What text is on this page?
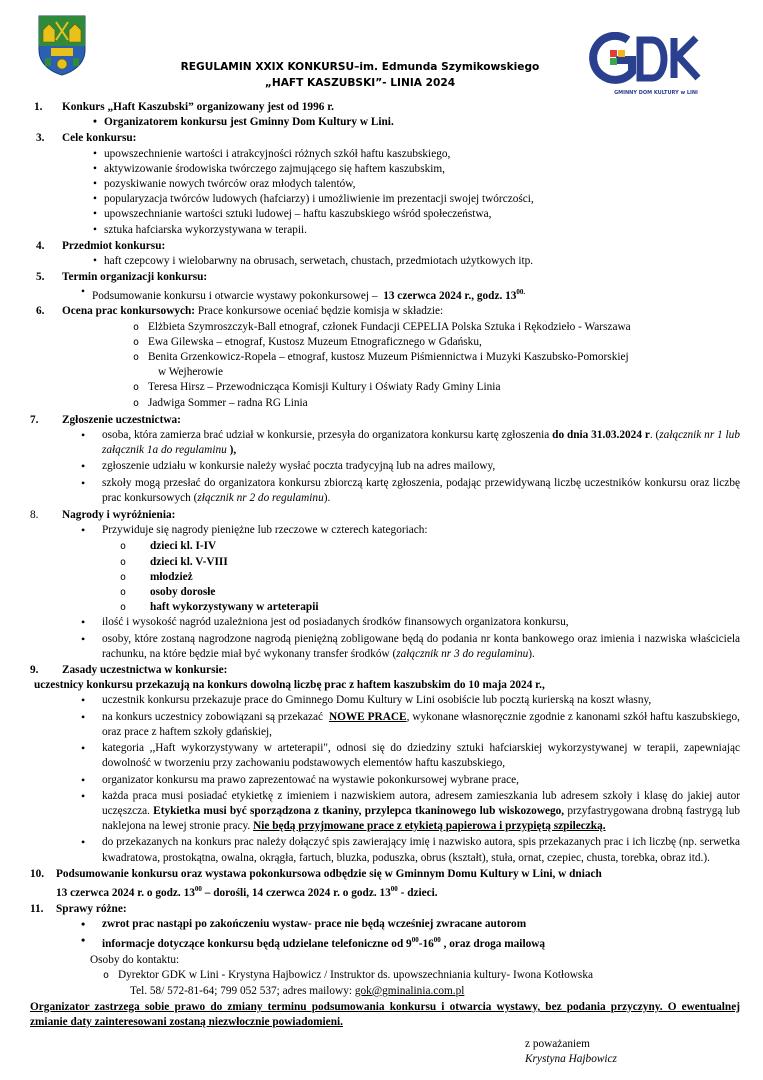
GMINNY DOM KULTURY w LINI
REGULAMIN XXIX KONKURSU–im. Edmunda Szymikowskiego
„HAFT KASZUBSKI”- LINIA 2024
1.	Konkurs „Haft Kaszubski” organizowany jest od 1996 r.
• Organizatorem konkursu jest Gminny Dom Kultury w Lini.
3.	Cele konkursu:
• upowszechnienie wartości i atrakcyjności różnych szkół haftu kaszubskiego,
• aktywizowanie środowiska twórczego zajmującego się haftem kaszubskim,
• pozyskiwanie nowych twórców oraz młodych talentów,
• popularyzacja twórców ludowych (hafciarzy) i umożliwienie im prezentacji swojej twórczości,
• upowszechnianie wartości sztuki ludowej – haftu kaszubskiego wśród społeczeństwa,
• sztuka hafciarska wykorzystywana w terapii.
4.	Przedmiot konkursu:
• haft czepcowy i wielobarwny na obrusach, serwetach, chustach, przedmiotach użytkowych itp.
5.	Termin organizacji konkursu:
• Podsumowanie konkursu i otwarcie wystawy pokonkursowej – 13 czerwca 2024 r., godz. $13^{00.}$
6.	Ocena prac konkursowych: Prace konkursowe oceniać będzie komisja w składzie:
o Elżbieta Szymroszczyk-Ball etnograf, członek Fundacji CEPELIA Polska Sztuka i Rękodzieło - Warszawa
o Ewa Gilewska – etnograf, Kustosz Muzeum Etnograficznego w Gdańsku,
o Benita Grzenkowicz-Ropela – etnograf, kustosz Muzeum Piśmiennictwa i Muzyki Kaszubsko-Pomorskiej
w Wejherowie
o Teresa Hirsz – Przewodnicząca Komisji Kultury i Oświaty Rady Gminy Linia
o Jadwiga Sommer – radna RG Linia
7.	Zgłoszenie uczestnictwa:
• osoba, która zamierza brać udział w konkursie, przesyła do organizatora konkursu kartę zgłoszenia do dnia 31.03.2024 r. (załącznik nr 1 lub załącznik 1a do regulaminu ),
• zgłoszenie udziału w konkursie należy wysłać poczta tradycyjną lub na adres mailowy,
• szkoły mogą przesłać do organizatora konkursu zbiorczą kartę zgłoszenia, podając przewidywaną liczbę uczestników konkursu oraz liczbę prac konkursowych (złącznik nr 2 do regulaminu).
8.	Nagrody i wyróżnienia:
• Przywiduje się nagrody pieniężne lub rzeczowe w czterech kategoriach:
o dzieci kl. I-IV
o dzieci kl. V-VIII
o młodzież
o osoby dorosłe
o haft wykorzystywany w arteterapii
• ilość i wysokość nagród uzależniona jest od posiadanych środków finansowych organizatora konkursu,
• osoby, które zostaną nagrodzone nagrodą pieniężną zobligowane będą do podania nr konta bankowego oraz imienia i nazwiska właściciela rachunku, na które będzie miał być wykonany transfer środków (załącznik nr 3 do regulaminu).
9.	Zasady uczestnictwa w konkursie:
uczestnicy konkursu przekazują na konkurs dowolną liczbę prac z haftem kaszubskim do 10 maja 2024 r.,
• uczestnik konkursu przekazuje prace do Gminnego Domu Kultury w Lini osobiście lub pocztą kurierską na koszt własny,
• na konkurs uczestnicy zobowiązani są przekazać NOWE PRACE, wykonane własnoręcznie zgodnie z kanonami szkół haftu kaszubskiego, oraz prace z haftem szkoły gdańskiej,
• kategoria ,,Haft wykorzystywany w arteterapii", odnosi się do dziedziny sztuki hafciarskiej wykorzystywanej w terapii, zapewniając dowolność w tworzeniu przy zachowaniu podstawowych elementów haftu kaszubskiego,
• organizator konkursu ma prawo zaprezentować na wystawie pokonkursowej wybrane prace,
• każda praca musi posiadać etykietkę z imieniem i nazwiskiem autora, adresem zamieszkania lub adresem szkoły i klasę do jakiej autor uczęszcza. Etykietka musi być sporządzona z tkaniny, przylepca tkaninowego lub wiskozowego, przyfastrygowana drobną fastrygą lub naklejona na lewej stronie pracy. Nie będą przyjmowane prace z etykietą papierowa i przypiętą szpileczką.
• do przekazanych na konkurs prac należy dołączyć spis zawierający imię i nazwisko autora, spis przekazanych prac i ich liczbę (np. serwetka kwadratowa, prostokątna, owalna, okrągła, fartuch, bluzka, poduszka, obrus (kształt), stuła, ornat, czepiec, chusta, torebka, obraz itd.).
10.	Podsumowanie konkursu oraz wystawa pokonkursowa odbędzie się w Gminnym Domu Kultury w Lini, w dniach
13 czerwca 2024 r. o godz. $13^{00}$ – dorośli, 14 czerwca 2024 r. o godz. $13^{00}$ - dzieci.
11.	Sprawy różne:
• zwrot prac nastąpi po zakończeniu wystaw- prace nie będą wcześniej zwracane autorom
• informacje dotyczące konkursu będą udzielane telefoniczne od $9^{00}-16^{00}$ , oraz droga mailową
Osoby do kontaktu:
o Dyrektor GDK w Lini - Krystyna Hajbowicz / Instruktor ds. upowszechniania kultury- Iwona Kotłowska
Tel. 58/ 572-81-64; 799 052 537; adres mailowy: gok@gminalinia.com.pl
Organizator zastrzega sobie prawo do zmiany terminu podsumowania konkursu i otwarcia wystawy, bez podania przyczyny. O ewentualnej zmianie daty zainteresowani zostaną niezwłocznie powiadomieni.
z poważaniem
Krystyna Hajbowicz
